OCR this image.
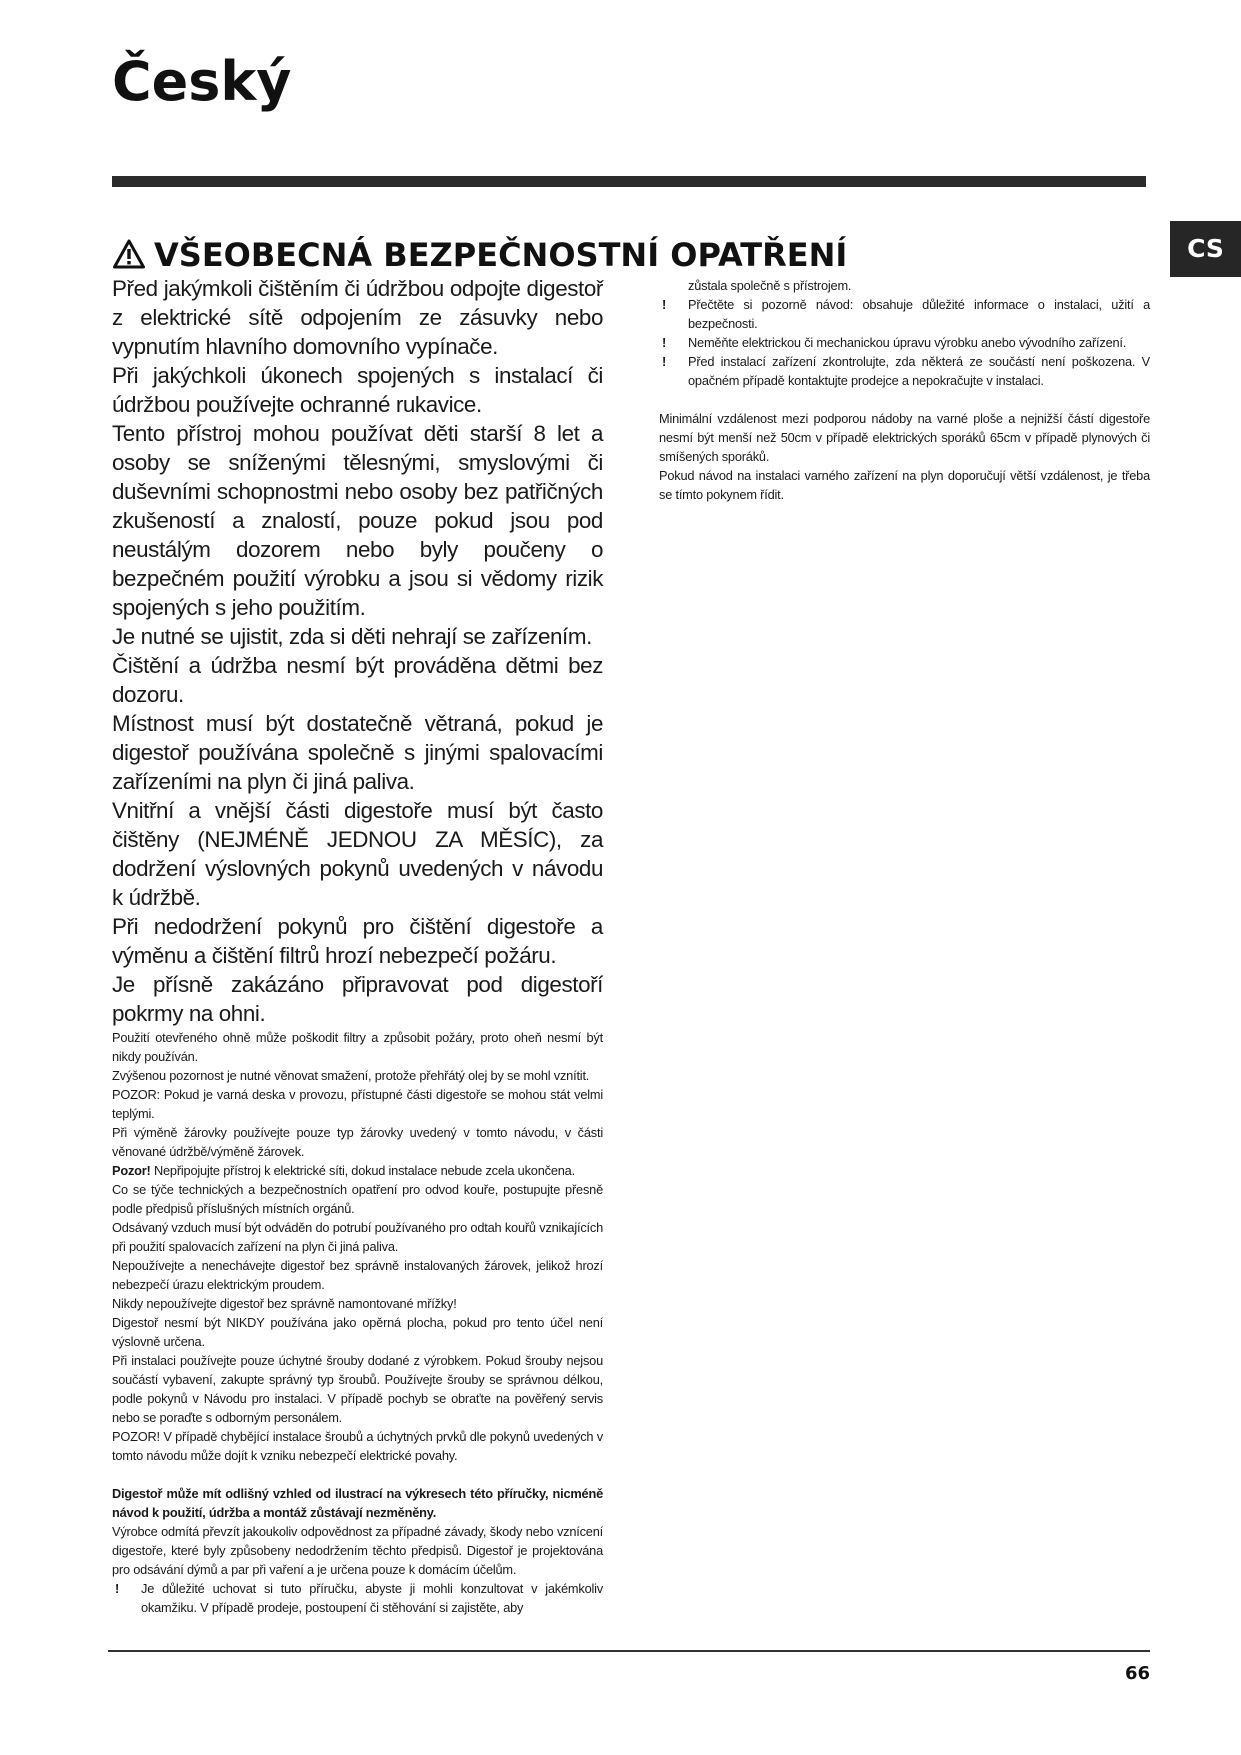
Český
CS
VŠEOBECNÁ BEZPEČNOSTNÍ OPATŘENÍ

Před jakýmkoli čištěním či údržbou odpojte digestoř z elektrické sítě odpojením ze zásuvky nebo vypnutím hlavního domovního vypínače.

Při jakýchkoli úkonech spojených s instalací či údržbou používejte ochranné rukavice.

Tento přístroj mohou používat děti starší 8 let a osoby se sníženými tělesnými, smyslovými či duševními schopnostmi nebo osoby bez patřičných zkušeností a znalostí, pouze pokud jsou pod neustálým dozorem nebo byly poučeny o bezpečném použití výrobku a jsou si vědomy rizik spojených s jeho použitím.

Je nutné se ujistit, zda si děti nehrají se zařízením.

Čištění a údržba nesmí být prováděna dětmi bez dozoru.

Místnost musí být dostatečně větraná, pokud je digestoř používána společně s jinými spalovacími zařízeními na plyn či jiná paliva.

Vnitřní a vnější části digestoře musí být často čištěny (NEJMÉNĚ JEDNOU ZA MĚSÍC), za dodržení výslovných pokynů uvedených v návodu k údržbě.

Při nedodržení pokynů pro čištění digestoře a výměnu a čištění filtrů hrozí nebezpečí požáru.

Je přísně zakázáno připravovat pod digestoří pokrmy na ohni.

Použití otevřeného ohně může poškodit filtry a způsobit požáry, proto oheň nesmí být nikdy používán.

Zvýšenou pozornost je nutné věnovat smažení, protože přehřátý olej by se mohl vznítit.

POZOR: Pokud je varná deska v provozu, přístupné části digestoře se mohou stát velmi teplými.

Při výměně žárovky používejte pouze typ žárovky uvedený v tomto návodu, v části věnované údržbě/výměně žárovek.

Pozor! Nepřipojujte přístroj k elektrické síti, dokud instalace nebude zcela ukončena.

Co se týče technických a bezpečnostních opatření pro odvod kouře, postupujte přesně podle předpisů příslušných místních orgánů.

Odsávaný vzduch musí být odváděn do potrubí používaného pro odtah kouřů vznikajících při použití spalovacích zařízení na plyn či jiná paliva.

Nepoužívejte a nenechávejte digestoř bez správně instalovaných žárovek, jelikož hrozí nebezpečí úrazu elektrickým proudem.

Nikdy nepoužívejte digestoř bez správně namontované mřížky!

Digestoř nesmí být NIKDY používána jako opěrná plocha, pokud pro tento účel není výslovně určena.

Při instalaci používejte pouze úchytné šrouby dodané z výrobkem. Pokud šrouby nejsou součástí vybavení, zakupte správný typ šroubů. Používejte šrouby se správnou délkou, podle pokynů v Návodu pro instalaci. V případě pochyb se obraťte na pověřený servis nebo se poraďte s odborným personálem.

POZOR! V případě chybějící instalace šroubů a úchytných prvků dle pokynů uvedených v tomto návodu může dojít k vzniku nebezpečí elektrické povahy.

Digestoř může mít odlišný vzhled od ilustrací na výkresech této příručky, nicméně návod k použití, údržba a montáž zůstávají nezměněny.

Výrobce odmítá převzít jakoukoliv odpovědnost za případné závady, škody nebo vznícení digestoře, které byly způsobeny nedodržením těchto předpisů. Digestoř je projektována pro odsávání dýmů a par při vaření a je určena pouze k domácím účelům.

! Je důležité uchovat si tuto příručku, abyste ji mohli konzultovat v jakémkoliv okamžiku. V případě prodeje, postoupení či stěhování si zajistěte, aby

zůstala společně s přístrojem.

! Přečtěte si pozorně návod: obsahuje důležité informace o instalaci, užití a bezpečnosti.

! Neměňte elektrickou či mechanickou úpravu výrobku anebo vývodního zařízení.

! Před instalací zařízení zkontrolujte, zda některá ze součástí není poškozena. V opačném případě kontaktujte prodejce a nepokračujte v instalaci.

Minimální vzdálenost mezi podporou nádoby na varné ploše a nejnižší částí digestoře nesmí být menší než 50cm v případě elektrických sporáků 65cm v případě plynových či smíšených sporáků.

Pokud návod na instalaci varného zařízení na plyn doporučují větší vzdálenost, je třeba se tímto pokynem řídit.

66
